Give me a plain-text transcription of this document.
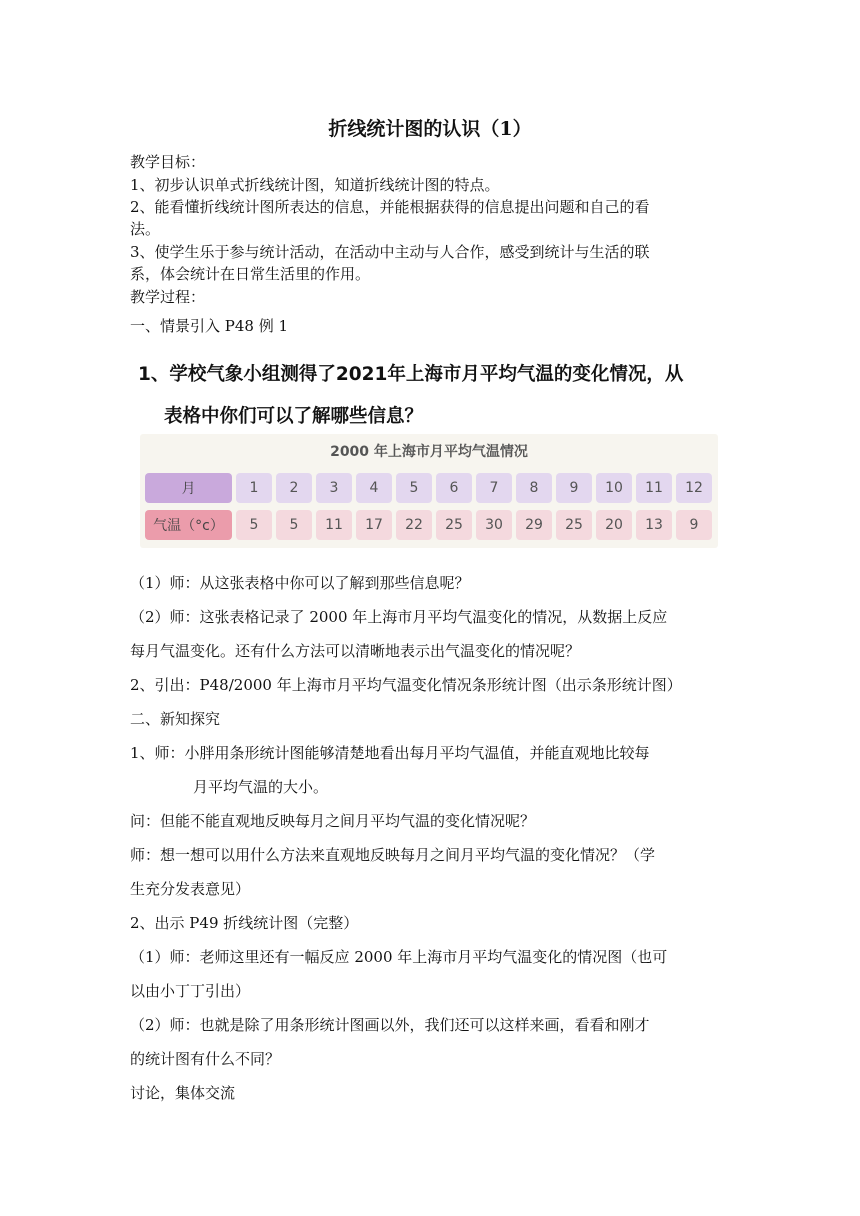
折线统计图的认识（1）
教学目标：
1、初步认识单式折线统计图，知道折线统计图的特点。
2、能看懂折线统计图所表达的信息，并能根据获得的信息提出问题和自己的看
法。
3、使学生乐于参与统计活动，在活动中主动与人合作，感受到统计与生活的联
系，体会统计在日常生活里的作用。
教学过程：
一、情景引入 P48 例 1
1、学校气象小组测得了2021年上海市月平均气温的变化情况，从
表格中你们可以了解哪些信息？
2000 年上海市月平均气温情况
月	1	2	3	4	5	6	7	8	9	10	11	12
气温（°c）	5	5	11	17	22	25	30	29	25	20	13	9
（1）师：从这张表格中你可以了解到那些信息呢？
（2）师：这张表格记录了 2000 年上海市月平均气温变化的情况，从数据上反应
每月气温变化。还有什么方法可以清晰地表示出气温变化的情况呢？
2、引出：P48/2000 年上海市月平均气温变化情况条形统计图（出示条形统计图）
二、新知探究
1、师：小胖用条形统计图能够清楚地看出每月平均气温值，并能直观地比较每
月平均气温的大小。
问：但能不能直观地反映每月之间月平均气温的变化情况呢？
师：想一想可以用什么方法来直观地反映每月之间月平均气温的变化情况？（学
生充分发表意见）
2、出示 P49 折线统计图（完整）
（1）师：老师这里还有一幅反应 2000 年上海市月平均气温变化的情况图（也可
以由小丁丁引出）
（2）师：也就是除了用条形统计图画以外，我们还可以这样来画，看看和刚才
的统计图有什么不同？
讨论，集体交流
